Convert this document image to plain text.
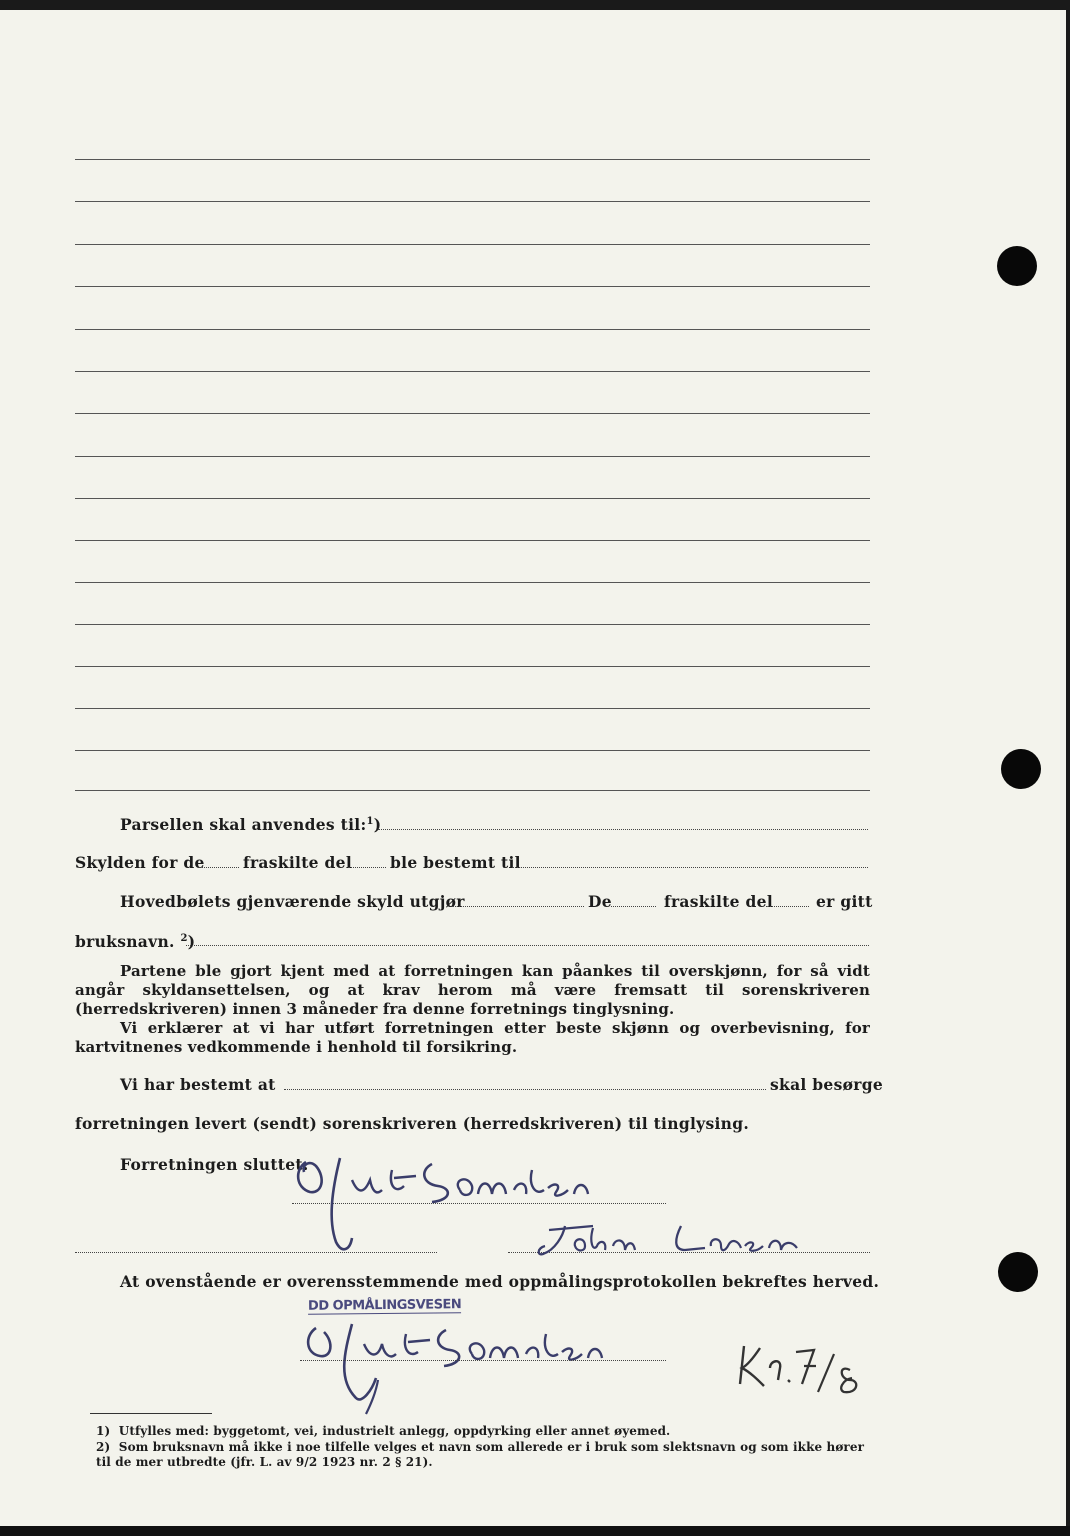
Parsellen skal anvendes til:$^1$)
Skylden for de fraskilte del ble bestemt til
Hovedbølets gjenværende skyld utgjør	De	fraskilte del	er gitt
bruksnavn. $^2$)

Partene ble gjort kjent med at forretningen kan påankes til overskjønn, for så vidt angår skyldansettelsen, og at krav herom må være fremsatt til sorenskriveren (herredskriveren) innen 3 måneder fra denne forretnings tinglysning.

Vi erklærer at vi har utført forretningen etter beste skjønn og overbevisning, for kartvitnenes vedkommende i henhold til forsikring.

Vi har bestemt at	skal besørge
forretningen levert (sendt) sorenskriveren (herredskriveren) til tinglysing.
Forretningen sluttet.
At ovenstående er overensstemmende med oppmålingsprotokollen bekreftes herved.
DD OPMÅLINGSVESEN
1) Utfylles med: byggetomt, vei, industrielt anlegg, oppdyrking eller annet øyemed.
2) Som bruksnavn må ikke i noe tilfelle velges et navn som allerede er i bruk som slektsnavn og som ikke hører til de mer utbredte (jfr. L. av 9/2 1923 nr. 2 § 21).
